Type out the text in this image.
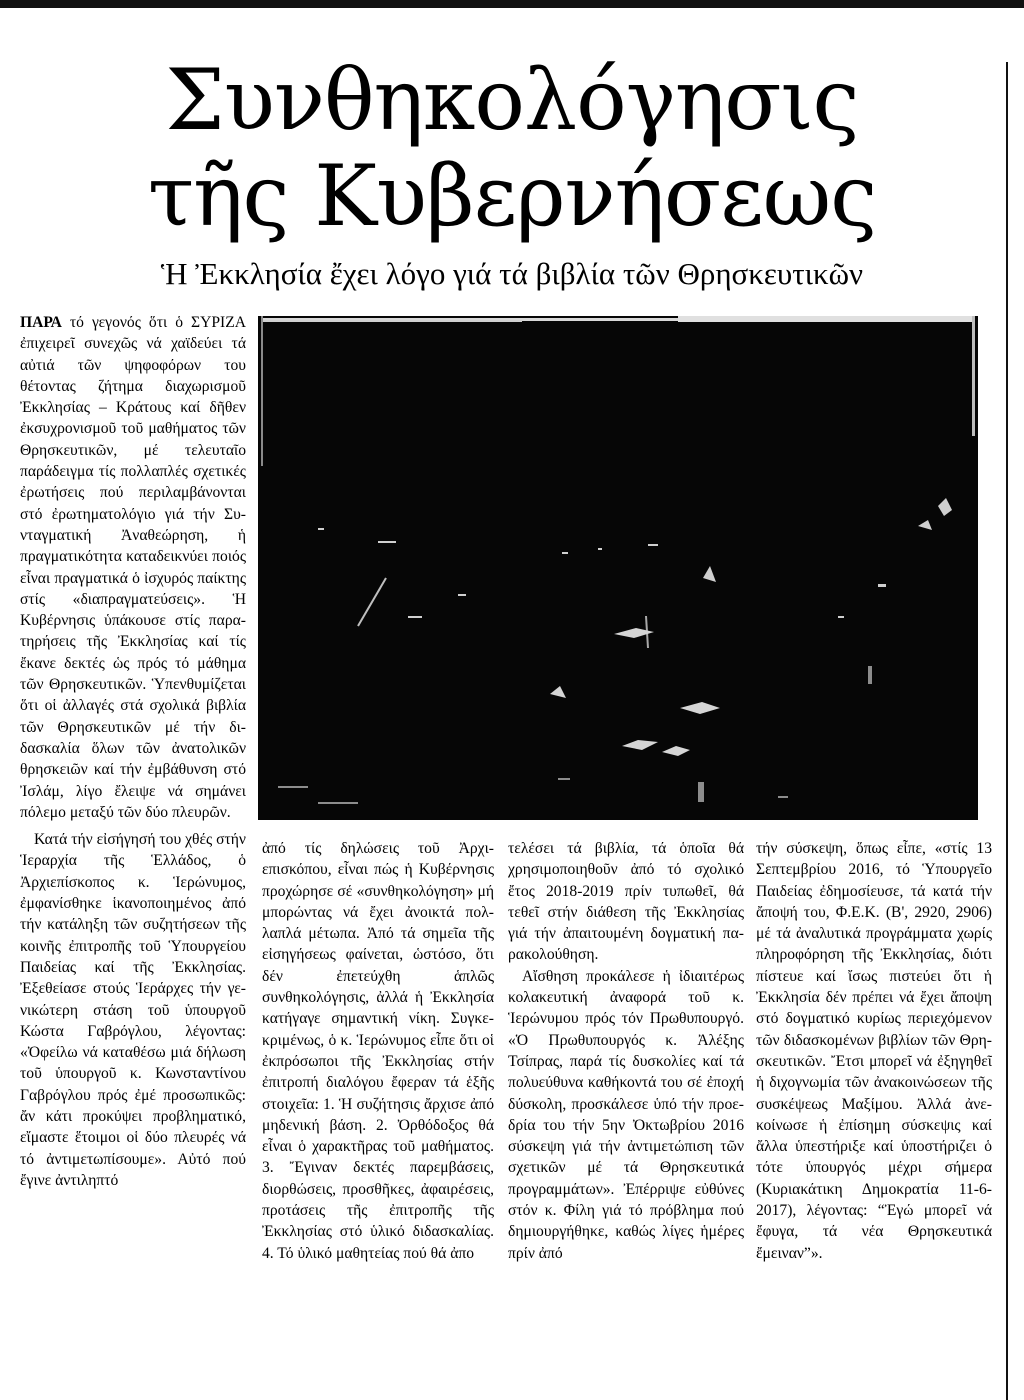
Συνθηκολόγησις
τῆς Κυβερνήσεως
Ἡ Ἐκκλησία ἔχει λόγο γιά τά βιβλία τῶν Θρησκευτικῶν

ΠΑΡΑ τό γεγονός ὅτι ὁ ΣΥΡΙΖΑ ἐπιχειρεῖ συνεχῶς νά χαϊδεύει τά αὐτιά τῶν ψηφοφόρων του θέτοντας ζήτημα διαχωρισμοῦ Ἐκκλησίας – Κράτους καί δῆθεν ἐκσυχρονισμοῦ τοῦ μαθήματος τῶν Θρησκευτικῶν, μέ τελευταῖο παράδειγμα τίς πολλαπλές σχετικές ἐρωτήσεις πού περιλαμβάνονται στό ἐρωτηματολόγιο γιά τήν Συνταγματική Ἀναθεώρηση, ἡ πραγματικότητα καταδεικνύει ποιός εἶναι πραγματικά ὁ ἰσχυρός παίκτης στίς «διαπραγματεύσεις». Ἡ Κυβέρνησις ὑπάκουσε στίς παρατηρήσεις τῆς Ἐκκλησίας καί τίς ἔκανε δεκτές ὡς πρός τό μάθημα τῶν Θρησκευτικῶν. Ὑπενθυμίζεται ὅτι οἱ ἀλλαγές στά σχολικά βιβλία τῶν Θρησκευτικῶν μέ τήν διδασκαλία ὅλων τῶν ἀνατολικῶν θρησκειῶν καί τήν ἐμβάθυνση στό Ἰσλάμ, λίγο ἔλειψε νά σημάνει πόλεμο μεταξύ τῶν δύο πλευρῶν.

Κατά τήν εἰσήγησή του χθές στήν Ἱεραρχία τῆς Ἑλλάδος, ὁ Ἀρχιεπίσκοπος κ. Ἱερώνυμος, ἐμφανίσθηκε ἱκανοποιημένος ἀπό τήν κατάληξη τῶν συζητήσεων τῆς κοινῆς ἐπιτροπῆς τοῦ Ὑπουργείου Παιδείας καί τῆς Ἐκκλησίας. Ἐξεθείασε στούς Ἱεράρχες τήν γενικώτερη στάση τοῦ ὑπουργοῦ Κώστα Γαβρόγλου, λέγοντας: «Ὀφείλω νά καταθέσω μιά δήλωση τοῦ ὑπουργοῦ κ. Κωνσταντίνου Γαβρόγλου πρός ἐμέ προσωπικῶς: ἄν κάτι προκύψει προβληματικό, εἴμαστε ἕτοιμοι οἱ δύο πλευρές νά τό ἀντιμετωπίσουμε». Αὐτό πού ἔγινε ἀντιληπτό

ἀπό τίς δηλώσεις τοῦ Ἀρχιεπισκόπου, εἶναι πώς ἡ Κυβέρνησις προχώρησε σέ «συνθηκολόγηση» μή μπορώντας νά ἔχει ἀνοικτά πολλαπλά μέτωπα. Ἀπό τά σημεῖα τῆς εἰσηγήσεως φαίνεται, ὡστόσο, ὅτι δέν ἐπετεύχθη ἁπλῶς συνθηκολόγησις, ἀλλά ἡ Ἐκκλησία κατήγαγε σημαντική νίκη. Συγκεκριμένως, ὁ κ. Ἱερώνυμος εἶπε ὅτι οἱ ἐκπρόσωποι τῆς Ἐκκλησίας στήν ἐπιτροπή διαλόγου ἔφεραν τά ἑξῆς στοιχεῖα: 1. Ἡ συζήτησις ἄρχισε ἀπό μηδενική βάση. 2. Ὀρθόδοξος θά εἶναι ὁ χαρακτῆρας τοῦ μαθήματος. 3. Ἔγιναν δεκτές παρεμβάσεις, διορθώσεις, προσθῆκες, ἀφαιρέσεις, προτάσεις τῆς ἐπιτροπῆς τῆς Ἐκκλησίας στό ὑλικό διδασκαλίας. 4. Τό ὑλικό μαθητείας πού θά ἀπο

τελέσει τά βιβλία, τά ὁποῖα θά χρησιμοποιηθοῦν ἀπό τό σχολικό ἔτος 2018-2019 πρίν τυπωθεῖ, θά τεθεῖ στήν διάθεση τῆς Ἐκκλησίας γιά τήν ἀπαιτουμένη δογματική παρακολούθηση.

Αἴσθηση προκάλεσε ἡ ἰδιαιτέρως κολακευτική ἀναφορά τοῦ κ. Ἱερώνυμου πρός τόν Πρωθυπουργό. «Ὁ Πρωθυπουργός κ. Ἀλέξης Τσίπρας, παρά τίς δυσκολίες καί τά πολυεύθυνα καθήκοντά του σέ ἐποχή δύσκολη, προσκάλεσε ὑπό τήν προεδρία του τήν 5ην Ὀκτωβρίου 2016 σύσκεψη γιά τήν ἀντιμετώπιση τῶν σχετικῶν μέ τά Θρησκευτικά προγραμμάτων». Ἐπέρριψε εὐθύνες στόν κ. Φίλη γιά τό πρόβλημα πού δημιουργήθηκε, καθώς λίγες ἡμέρες πρίν ἀπό

τήν σύσκεψη, ὅπως εἶπε, «στίς 13 Σεπτεμβρίου 2016, τό Ὑπουργεῖο Παιδείας ἐδημοσίευσε, τά κατά τήν ἄποψή του, Φ.Ε.Κ. (Β', 2920, 2906) μέ τά ἀναλυτικά προγράμματα χωρίς πληροφόρηση τῆς Ἐκκλησίας, διότι πίστευε καί ἴσως πιστεύει ὅτι ἡ Ἐκκλησία δέν πρέπει νά ἔχει ἄποψη στό δογματικό κυρίως περιεχόμενον τῶν διδασκομένων βιβλίων τῶν Θρησκευτικῶν. Ἔτσι μπορεῖ νά ἐξηγηθεῖ ἡ διχογνωμία τῶν ἀνακοινώσεων τῆς συσκέψεως Μαξίμου. Ἀλλά ἀνεκοίνωσε ἡ ἐπίσημη σύσκεψις καί ἄλλα ὑπεστήριξε καί ὑποστήριζει ὁ τότε ὑπουργός μέχρι σήμερα (Κυριακάτικη Δημοκρατία 11-6-2017), λέγοντας: “Ἐγώ μπορεῖ νά ἔφυγα, τά νέα Θρησκευτικά ἔμειναν”».
